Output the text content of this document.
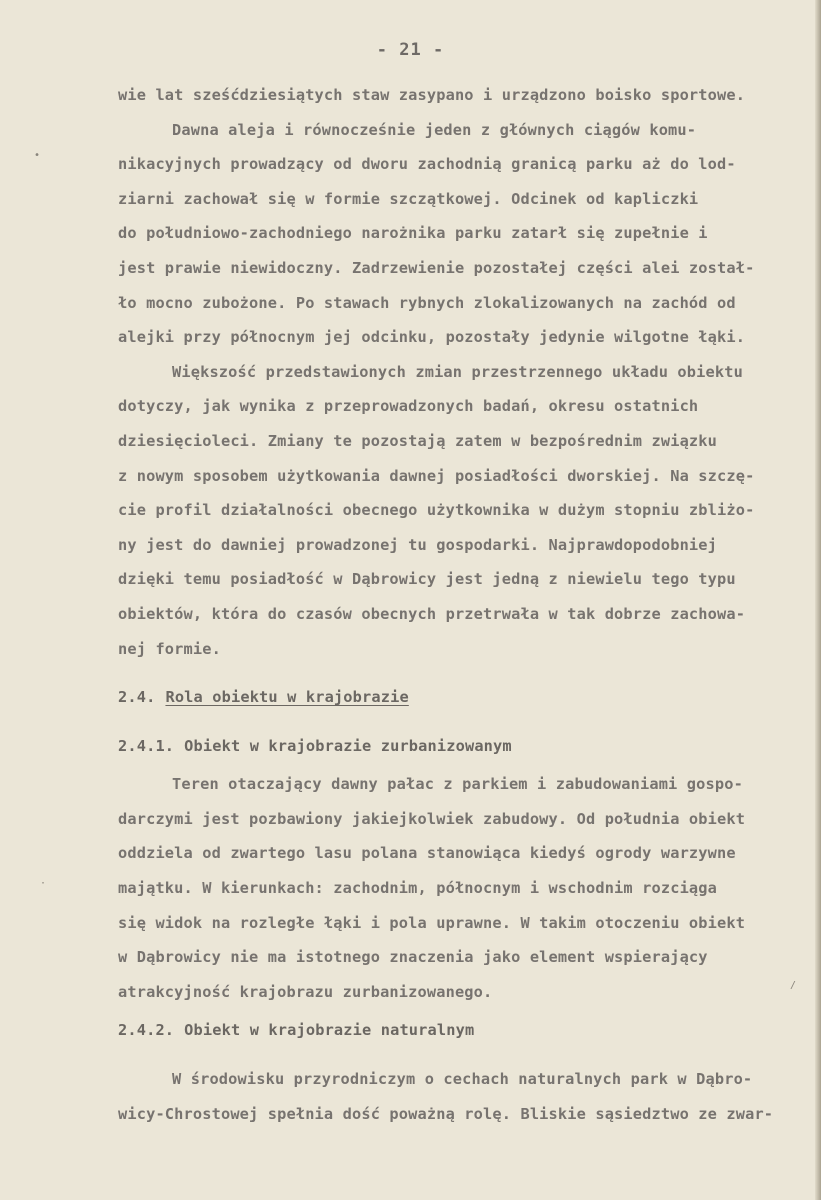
- 21 -
wie lat sześćdziesiątych staw zasypano i urządzono boisko sportowe.
Dawna aleja i równocześnie jeden z głównych ciągów komu-
nikacyjnych prowadzący od dworu zachodnią granicą parku aż do lod-
ziarni zachował się w formie szczątkowej. Odcinek od kapliczki
do południowo-zachodniego narożnika parku zatarł się zupełnie i
jest prawie niewidoczny. Zadrzewienie pozostałej części alei został-
ło mocno zubożone. Po stawach rybnych zlokalizowanych na zachód od
alejki przy północnym jej odcinku, pozostały jedynie wilgotne łąki.
Większość przedstawionych zmian przestrzennego układu obiektu
dotyczy, jak wynika z przeprowadzonych badań, okresu ostatnich
dziesięcioleci. Zmiany te pozostają zatem w bezpośrednim związku
z nowym sposobem użytkowania dawnej posiadłości dworskiej. Na szczę-
cie profil działalności obecnego użytkownika w dużym stopniu zbliżo-
ny jest do dawniej prowadzonej tu gospodarki. Najprawdopodobniej
dzięki temu posiadłość w Dąbrowicy jest jedną z niewielu tego typu
obiektów, która do czasów obecnych przetrwała w tak dobrze zachowa-
nej formie.
2.4. Rola obiektu w krajobrazie
2.4.1. Obiekt w krajobrazie zurbanizowanym
Teren otaczający dawny pałac z parkiem i zabudowaniami gospo-
darczymi jest pozbawiony jakiejkolwiek zabudowy. Od południa obiekt
oddziela od zwartego lasu polana stanowiąca kiedyś ogrody warzywne
majątku. W kierunkach: zachodnim, północnym i wschodnim rozciąga
się widok na rozległe łąki i pola uprawne. W takim otoczeniu obiekt
w Dąbrowicy nie ma istotnego znaczenia jako element wspierający
atrakcyjność krajobrazu zurbanizowanego.
2.4.2. Obiekt w krajobrazie naturalnym
W środowisku przyrodniczym o cechach naturalnych park w Dąbro-
wicy-Chrostowej spełnia dość poważną rolę. Bliskie sąsiedztwo ze zwar-
•
·
/
